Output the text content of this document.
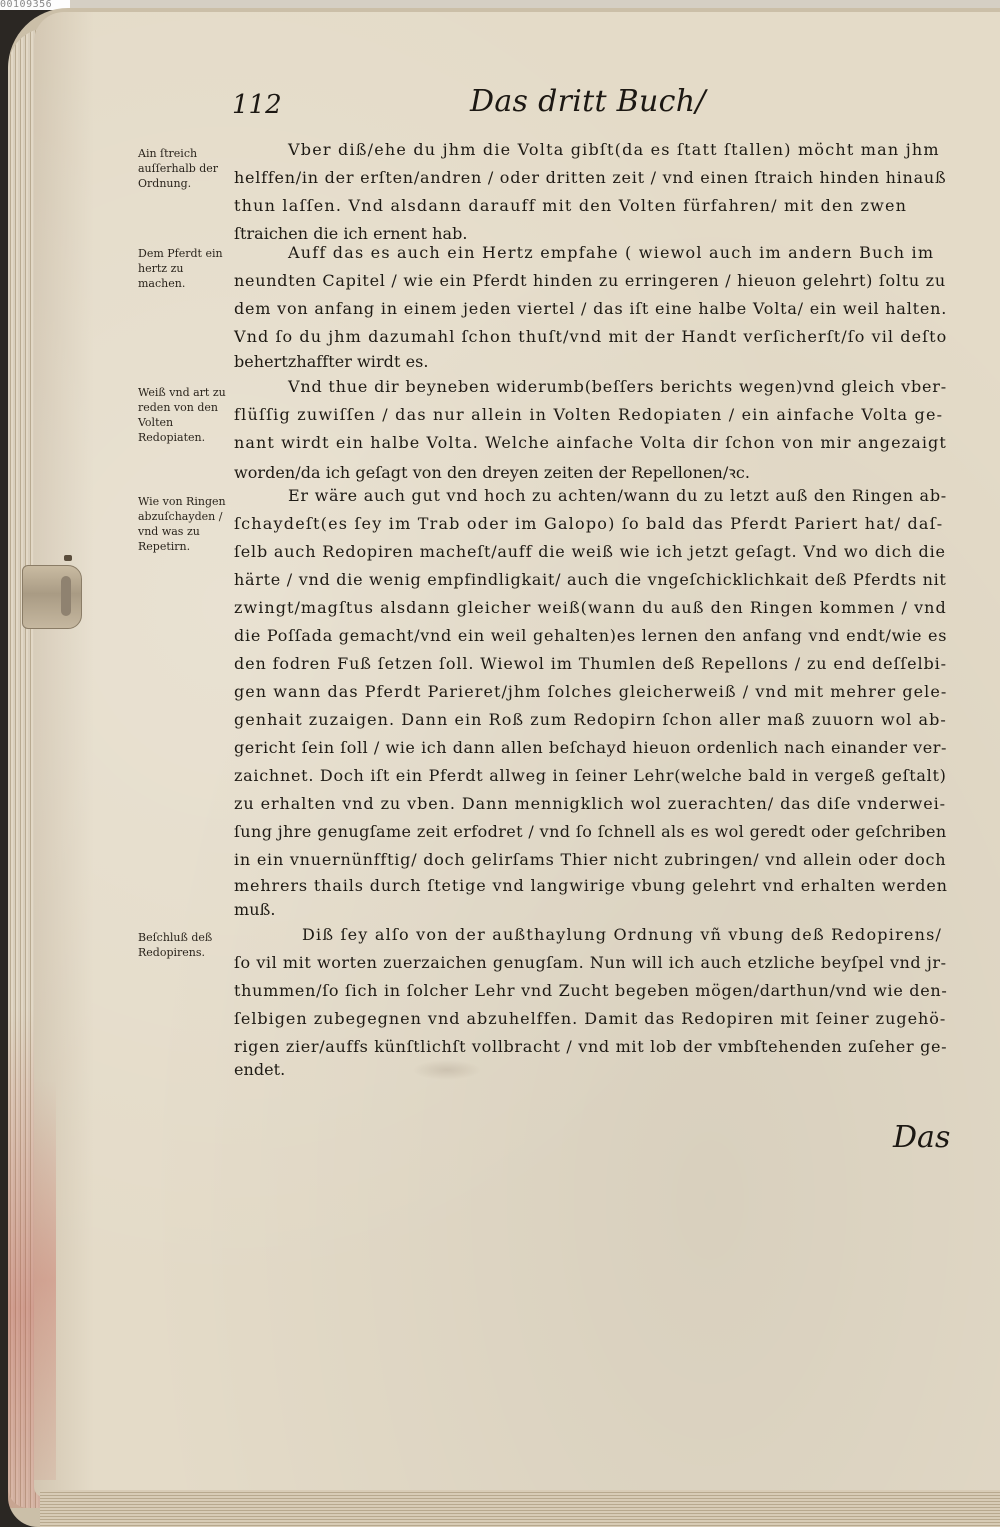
00109356
112	Das dritt Buch/
Ain ſtreich auſſerhalb der Ordnung.
Dem Pferdt ein hertz zu machen.
Weiß vnd art zu reden von den Volten Redopiaten.
Wie von Ringen abzuſchayden / vnd was zu Repetirn.
Beſchluß deß Redopirens.
Vber diß/ehe du jhm die Volta gibſt(da es ſtatt ſtallen) möcht man jhm
helffen/in der erſten/andren / oder dritten zeit / vnd einen ſtraich hinden hinauß
thun laſſen. Vnd alsdann darauff mit den Volten fürfahren/ mit den zwen
ſtraichen die ich ernent hab.
Auff das es auch ein Hertz empfahe ( wiewol auch im andern Buch im
neundten Capitel / wie ein Pferdt hinden zu erringeren / hieuon gelehrt) ſoltu zu
dem von anfang in einem jeden viertel / das iſt eine halbe Volta/ ein weil halten.
Vnd ſo du jhm dazumahl ſchon thuſt/vnd mit der Handt verſicherſt/ſo vil deſto
behertzhaffter wirdt es.
Vnd thue dir beyneben widerumb(beſſers berichts wegen)vnd gleich vber-
flüſſig zuwiſſen / das nur allein in Volten Redopiaten / ein ainfache Volta ge-
nant wirdt ein halbe Volta. Welche ainfache Volta dir ſchon von mir angezaigt
worden/da ich geſagt von den dreyen zeiten der Repellonen/ꝛc.
Er wäre auch gut vnd hoch zu achten/wann du zu letzt auß den Ringen ab-
ſchaydeſt(es ſey im Trab oder im Galopo) ſo bald das Pferdt Pariert hat/ daſ-
ſelb auch Redopiren macheſt/auff die weiß wie ich jetzt geſagt. Vnd wo dich die
härte / vnd die wenig empfindligkait/ auch die vngeſchicklichkait deß Pferdts nit
zwingt/magſtus alsdann gleicher weiß(wann du auß den Ringen kommen / vnd
die Poſſada gemacht/vnd ein weil gehalten)es lernen den anfang vnd endt/wie es
den fodren Fuß ſetzen ſoll. Wiewol im Thumlen deß Repellons / zu end deſſelbi-
gen wann das Pferdt Parieret/jhm ſolches gleicherweiß / vnd mit mehrer gele-
genhait zuzaigen. Dann ein Roß zum Redopirn ſchon aller maß zuuorn wol ab-
gericht ſein ſoll / wie ich dann allen beſchayd hieuon ordenlich nach einander ver-
zaichnet. Doch iſt ein Pferdt allweg in ſeiner Lehr(welche bald in vergeß geſtalt)
zu erhalten vnd zu vben. Dann mennigklich wol zuerachten/ das diſe vnderwei-
ſung jhre genugſame zeit erfodret / vnd ſo ſchnell als es wol geredt oder geſchriben
in ein vnuernünfftig/ doch gelirſams Thier nicht zubringen/ vnd allein oder doch
mehrers thails durch ſtetige vnd langwirige vbung gelehrt vnd erhalten werden
muß.
Diß ſey alſo von der außthaylung Ordnung vñ vbung deß Redopirens/
ſo vil mit worten zuerzaichen genugſam. Nun will ich auch etzliche beyſpel vnd jr-
thummen/ſo ſich in ſolcher Lehr vnd Zucht begeben mögen/darthun/vnd wie den-
ſelbigen zubegegnen vnd abzuhelffen. Damit das Redopiren mit ſeiner zugehö-
rigen zier/auffs künſtlichſt vollbracht / vnd mit lob der vmbſtehenden zuſeher ge-
endet.
Das
